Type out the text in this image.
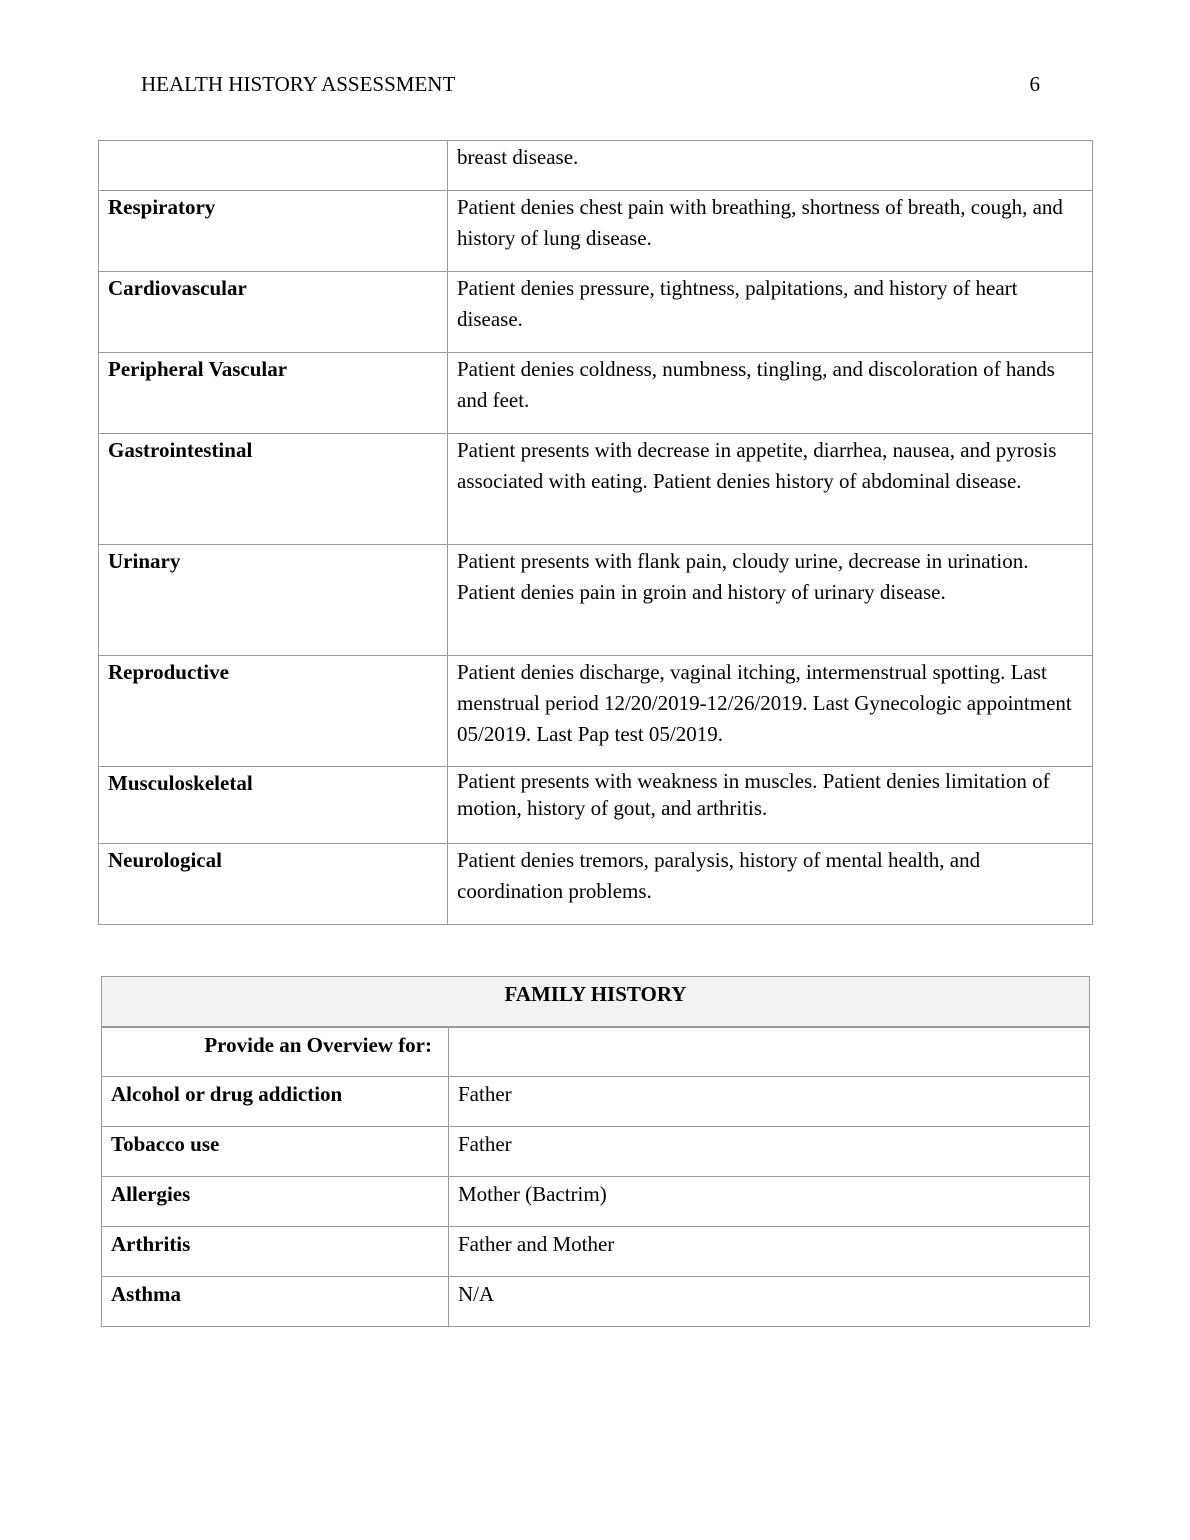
HEALTH HISTORY ASSESSMENT	6
	breast disease.
Respiratory	Patient denies chest pain with breathing, shortness of breath, cough, and history of lung disease.
Cardiovascular	Patient denies pressure, tightness, palpitations, and history of heart disease.
Peripheral Vascular	Patient denies coldness, numbness, tingling, and discoloration of hands and feet.
Gastrointestinal	Patient presents with decrease in appetite, diarrhea, nausea, and pyrosis associated with eating. Patient denies history of abdominal disease.
Urinary	Patient presents with flank pain, cloudy urine, decrease in urination. Patient denies pain in groin and history of urinary disease.
Reproductive	Patient denies discharge, vaginal itching, intermenstrual spotting. Last menstrual period 12/20/2019-12/26/2019. Last Gynecologic appointment 05/2019. Last Pap test 05/2019.
Musculoskeletal	Patient presents with weakness in muscles. Patient denies limitation of motion, history of gout, and arthritis.
Neurological	Patient denies tremors, paralysis, history of mental health, and coordination problems.
FAMILY HISTORY	
Provide an Overview for:	
Alcohol or drug addiction	Father
Tobacco use	Father
Allergies	Mother (Bactrim)
Arthritis	Father and Mother
Asthma	N/A
